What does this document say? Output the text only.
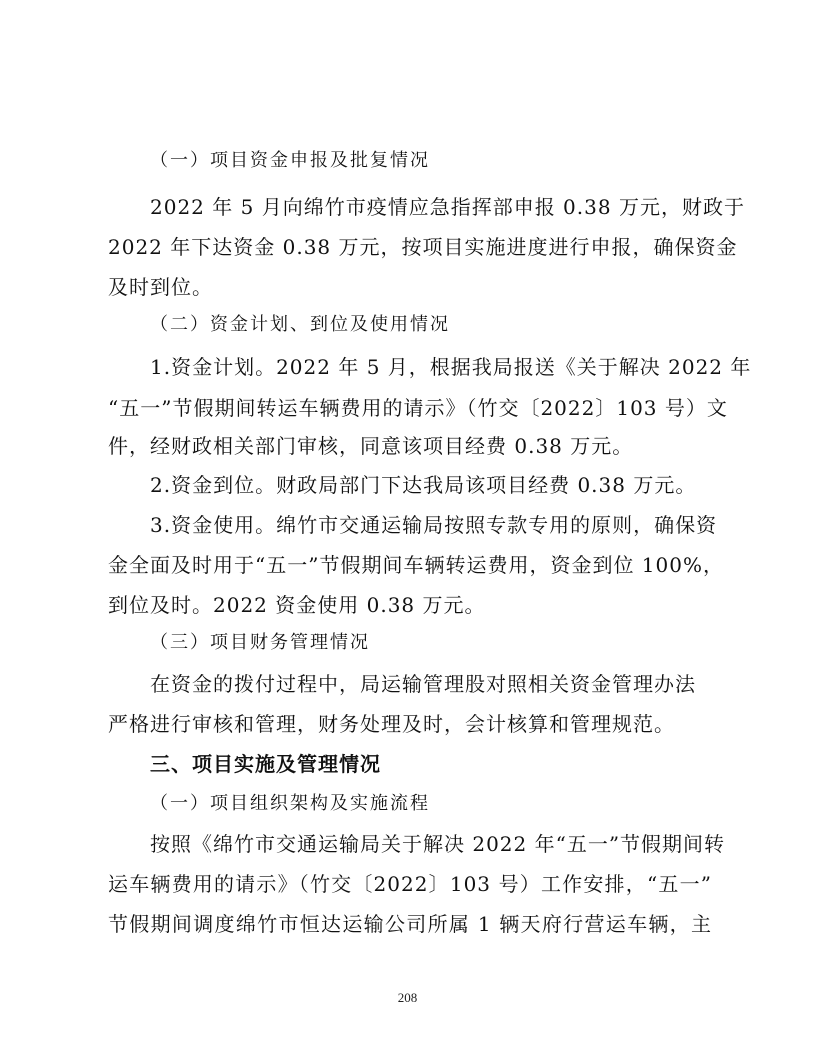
（一）项目资金申报及批复情况
2022 年 5 月向绵竹市疫情应急指挥部申报 0.38 万元，财政于
2022 年下达资金 0.38 万元，按项目实施进度进行申报，确保资金
及时到位。
（二）资金计划、到位及使用情况
1.资金计划。2022 年 5 月，根据我局报送《关于解决 2022 年
“五一”节假期间转运车辆费用的请示》（竹交〔2022〕103 号）文
件，经财政相关部门审核，同意该项目经费 0.38 万元。
2.资金到位。财政局部门下达我局该项目经费 0.38 万元。
3.资金使用。绵竹市交通运输局按照专款专用的原则，确保资
金全面及时用于“五一”节假期间车辆转运费用，资金到位 100%，
到位及时。2022 资金使用 0.38 万元。
（三）项目财务管理情况
在资金的拨付过程中，局运输管理股对照相关资金管理办法
严格进行审核和管理，财务处理及时，会计核算和管理规范。
三、项目实施及管理情况
（一）项目组织架构及实施流程
按照《绵竹市交通运输局关于解决 2022 年“五一”节假期间转
运车辆费用的请示》（竹交〔2022〕103 号）工作安排，“五一”
节假期间调度绵竹市恒达运输公司所属 1 辆天府行营运车辆，主
208
